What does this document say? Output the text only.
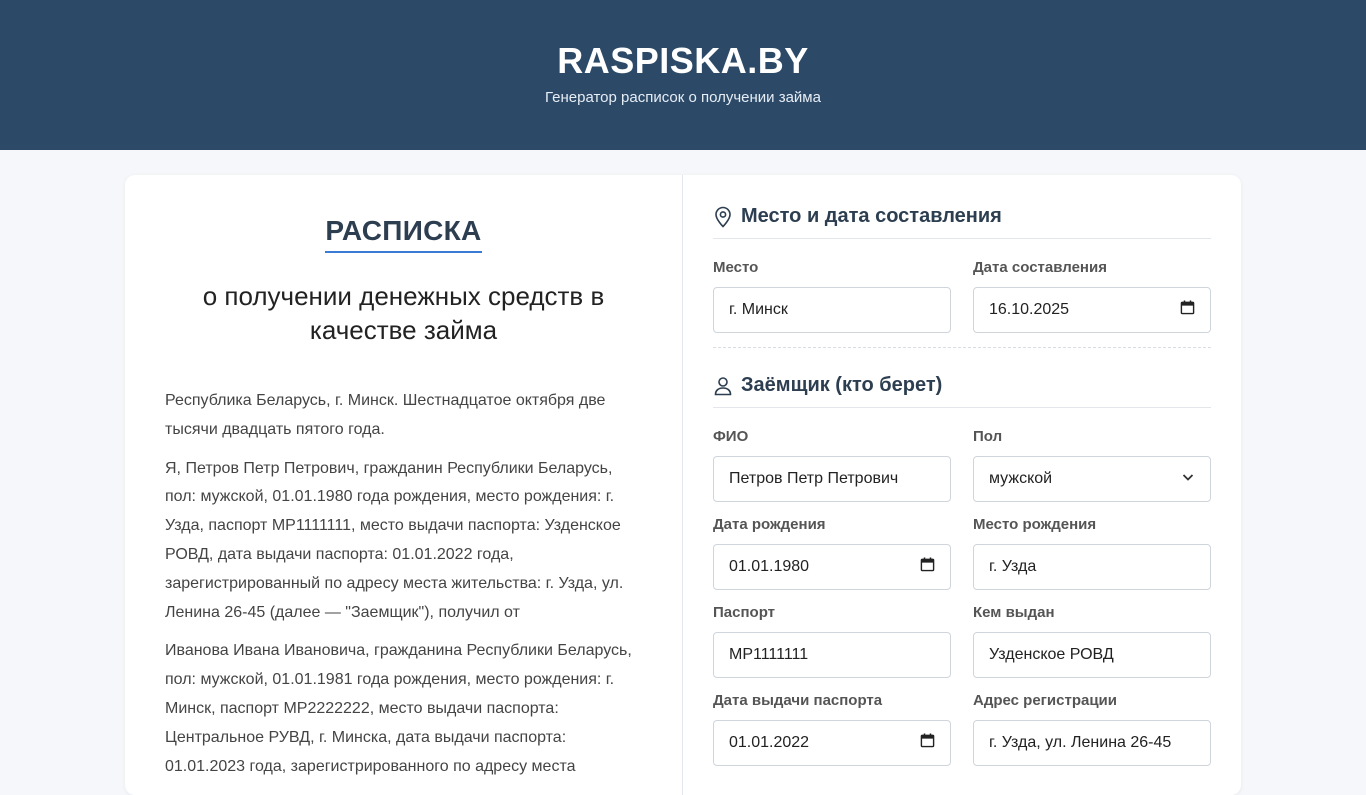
RASPISKA.BY
Генератор расписок о получении займа
РАСПИСКА
о получении денежных средств в качестве займа

Республика Беларусь, г. Минск. Шестнадцатое октября две тысячи двадцать пятого года.

Я, Петров Петр Петрович, гражданин Республики Беларусь, пол: мужской, 01.01.1980 года рождения, место рождения: г. Узда, паспорт MP1111111, место выдачи паспорта: Узденское РОВД, дата выдачи паспорта: 01.01.2022 года, зарегистрированный по адресу места жительства: г. Узда, ул. Ленина 26-45 (далее — "Заемщик"), получил от

Иванова Ивана Ивановича, гражданина Республики Беларусь, пол: мужской, 01.01.1981 года рождения, место рождения: г. Минск, паспорт MP2222222, место выдачи паспорта: Центральное РУВД, г. Минска, дата выдачи паспорта: 01.01.2023 года, зарегистрированного по адресу места

Место и дата составления
Место
г. Минск
Дата составления
16.10.2025
Заёмщик (кто берет)
ФИО
Петров Петр Петрович
Пол
мужской
Дата рождения
01.01.1980
Место рождения
г. Узда
Паспорт
MP1111111
Кем выдан
Узденское РОВД
Дата выдачи паспорта
01.01.2022
Адрес регистрации
г. Узда, ул. Ленина 26-45
